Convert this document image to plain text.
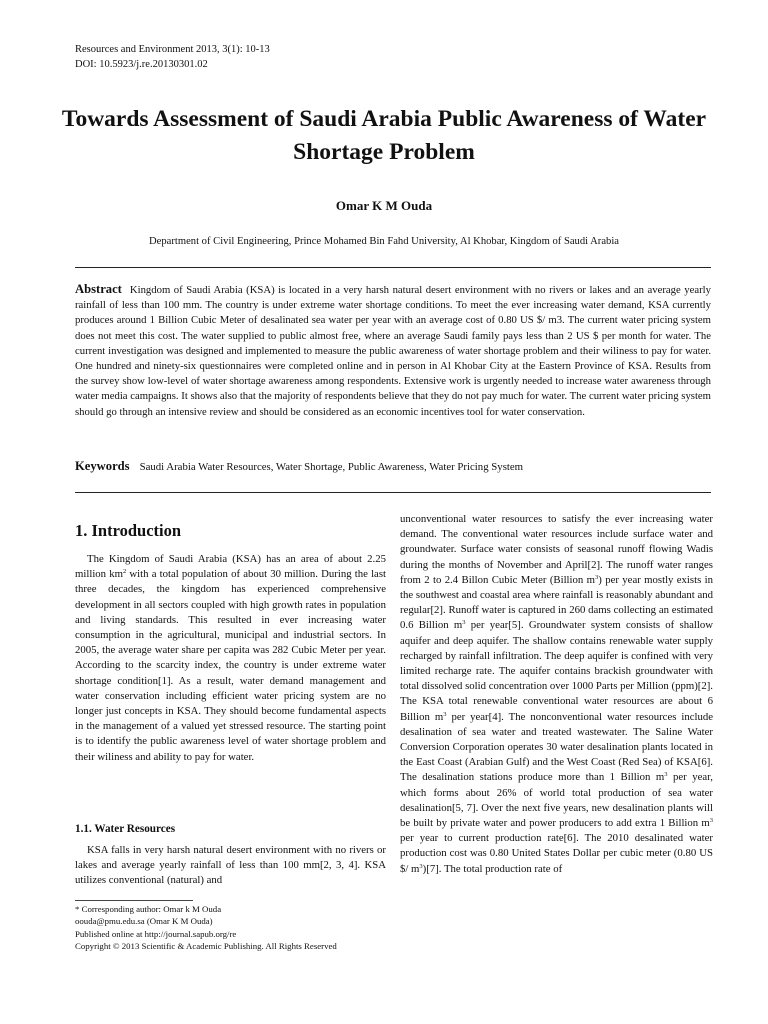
Resources and Environment 2013, 3(1): 10-13
DOI: 10.5923/j.re.20130301.02
Towards Assessment of Saudi Arabia Public Awareness of Water Shortage Problem
Omar K M Ouda
Department of Civil Engineering, Prince Mohamed Bin Fahd University, Al Khobar, Kingdom of Saudi Arabia
Abstract Kingdom of Saudi Arabia (KSA) is located in a very harsh natural desert environment with no rivers or lakes and an average yearly rainfall of less than 100 mm. The country is under extreme water shortage conditions. To meet the ever increasing water demand, KSA currently produces around 1 Billion Cubic Meter of desalinated sea water per year with an average cost of 0.80 US $/ m3. The current water pricing system does not meet this cost. The water supplied to public almost free, where an average Saudi family pays less than 2 US $ per month for water. The current investigation was designed and implemented to measure the public awareness of water shortage problem and their wiliness to pay for water. One hundred and ninety-six questionnaires were completed online and in person in Al Khobar City at the Eastern Province of KSA. Results from the survey show low-level of water shortage awareness among respondents. Extensive work is urgently needed to increase water awareness through water media campaigns. It shows also that the majority of respondents believe that they do not pay much for water. The current water pricing system should go through an intensive review and should be considered as an economic incentives tool for water conservation.
Keywords Saudi Arabia Water Resources, Water Shortage, Public Awareness, Water Pricing System
1. Introduction

The Kingdom of Saudi Arabia (KSA) has an area of about 2.25 million $km^2$ with a total population of about 30 million. During the last three decades, the kingdom has experienced comprehensive development in all sectors coupled with high growth rates in population and living standards. This resulted in ever increasing water consumption in the agricultural, municipal and industrial sectors. In 2005, the average water share per capita was 282 Cubic Meter per year. According to the scarcity index, the country is under extreme water shortage condition[1]. As a result, water demand management and water conservation including efficient water pricing system are no longer just concepts in KSA. They should become fundamental aspects in the management of a valued yet stressed resource. The starting point is to identify the public awareness level of water shortage problem and their wiliness and ability to pay for water.

1.1. Water Resources

KSA falls in very harsh natural desert environment with no rivers or lakes and average yearly rainfall of less than 100 mm[2, 3, 4]. KSA utilizes conventional (natural) and

* Corresponding author: Omar k M Ouda
oouda@pmu.edu.sa (Omar K M Ouda)
Published online at http://journal.sapub.org/re
Copyright © 2013 Scientific & Academic Publishing. All Rights Reserved

unconventional water resources to satisfy the ever increasing water demand. The conventional water resources include surface water and groundwater. Surface water consists of seasonal runoff flowing Wadis during the months of November and April[2]. The runoff water ranges from 2 to 2.4 Billon Cubic Meter (Billion $m^3$) per year mostly exists in the southwest and coastal area where rainfall is reasonably abundant and regular[2]. Runoff water is captured in 260 dams collecting an estimated 0.6 Billion $m^3$ per year[5]. Groundwater system consists of shallow aquifer and deep aquifer. The shallow contains renewable water supply recharged by rainfall infiltration. The deep aquifer is confined with very limited recharge rate. The aquifer contains brackish groundwater with total dissolved solid concentration over 1000 Parts per Million (ppm)[2]. The KSA total renewable conventional water resources are about 6 Billion $m^3$ per year[4]. The nonconventional water resources include desalination of sea water and treated wastewater. The Saline Water Conversion Corporation operates 30 water desalination plants located in the East Coast (Arabian Gulf) and the West Coast (Red Sea) of KSA[6]. The desalination stations produce more than 1 Billion $m^3$ per year, which forms about 26% of world total production of sea water desalination[5, 7]. Over the next five years, new desalination plants will be built by private water and power producers to add extra 1 Billion $m^3$ per year to current production rate[6]. The 2010 desalinated water production cost was 0.80 United States Dollar per cubic meter (0.80 US $/ $m^3)[7]$. The total production rate of
